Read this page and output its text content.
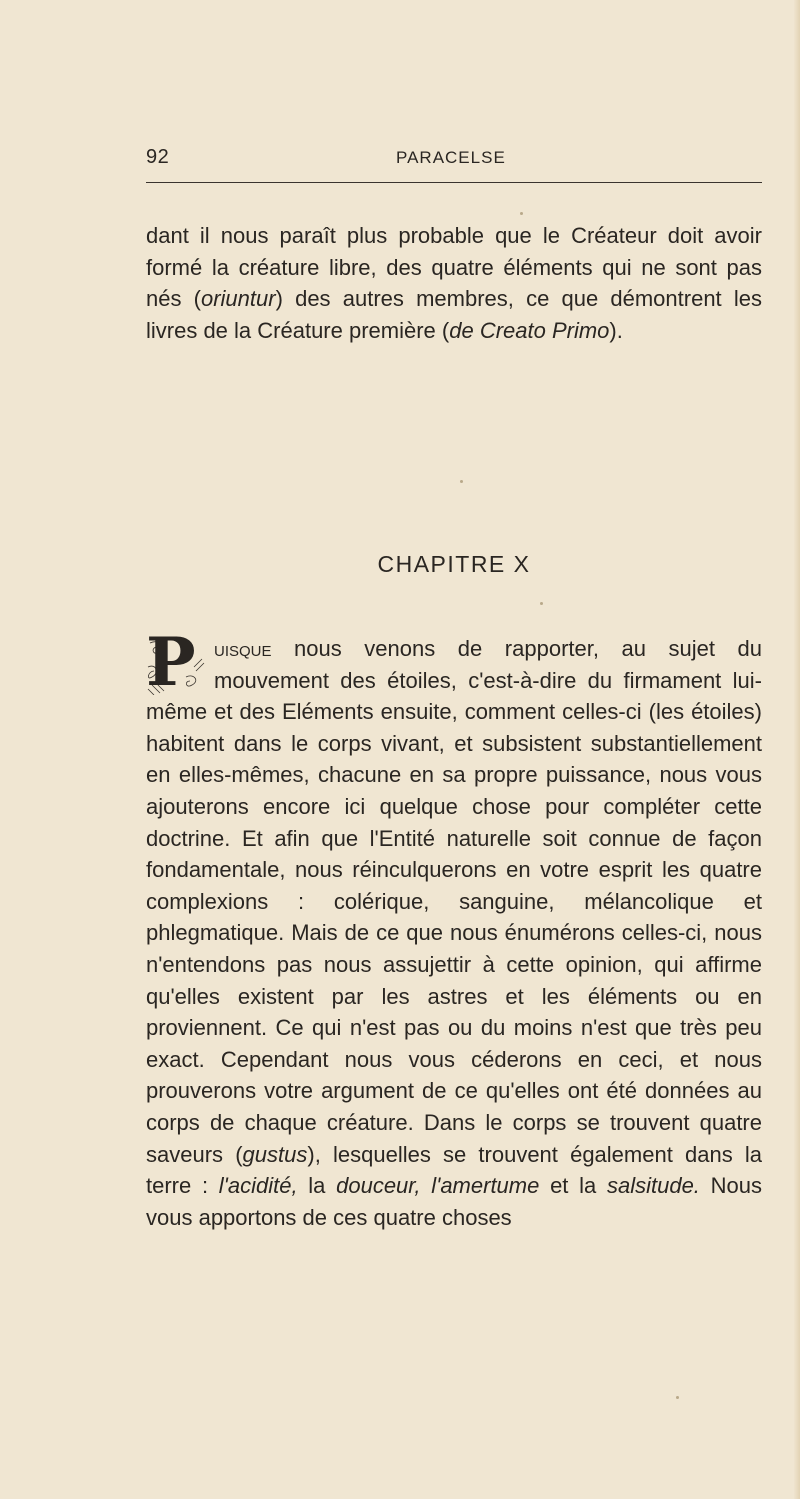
92	PARACELSE

dant il nous paraît plus probable que le Créateur doit avoir formé la créature libre, des quatre éléments qui ne sont pas nés (oriuntur) des autres membres, ce que démontrent les livres de la Créature première (de Creato Primo).

CHAPITRE X

P uisque nous venons de rapporter, au sujet du mouvement des étoiles, c'est-à-dire du firmament lui-même et des Eléments ensuite, comment celles-ci (les étoiles) habitent dans le corps vivant, et subsistent substantiellement en elles-mêmes, chacune en sa propre puissance, nous vous ajouterons encore ici quelque chose pour compléter cette doctrine. Et afin que l'Entité naturelle soit connue de façon fondamentale, nous réinculquerons en votre esprit les quatre complexions : colérique, sanguine, mélancolique et phlegmatique. Mais de ce que nous énumérons celles-ci, nous n'entendons pas nous assujettir à cette opinion, qui affirme qu'elles existent par les astres et les éléments ou en proviennent. Ce qui n'est pas ou du moins n'est que très peu exact. Cependant nous vous céderons en ceci, et nous prouverons votre argument de ce qu'elles ont été données au corps de chaque créature. Dans le corps se trouvent quatre saveurs (gustus), lesquelles se trouvent également dans la terre : l'acidité, la douceur, l'amertume et la salsitude. Nous vous apportons de ces quatre choses
